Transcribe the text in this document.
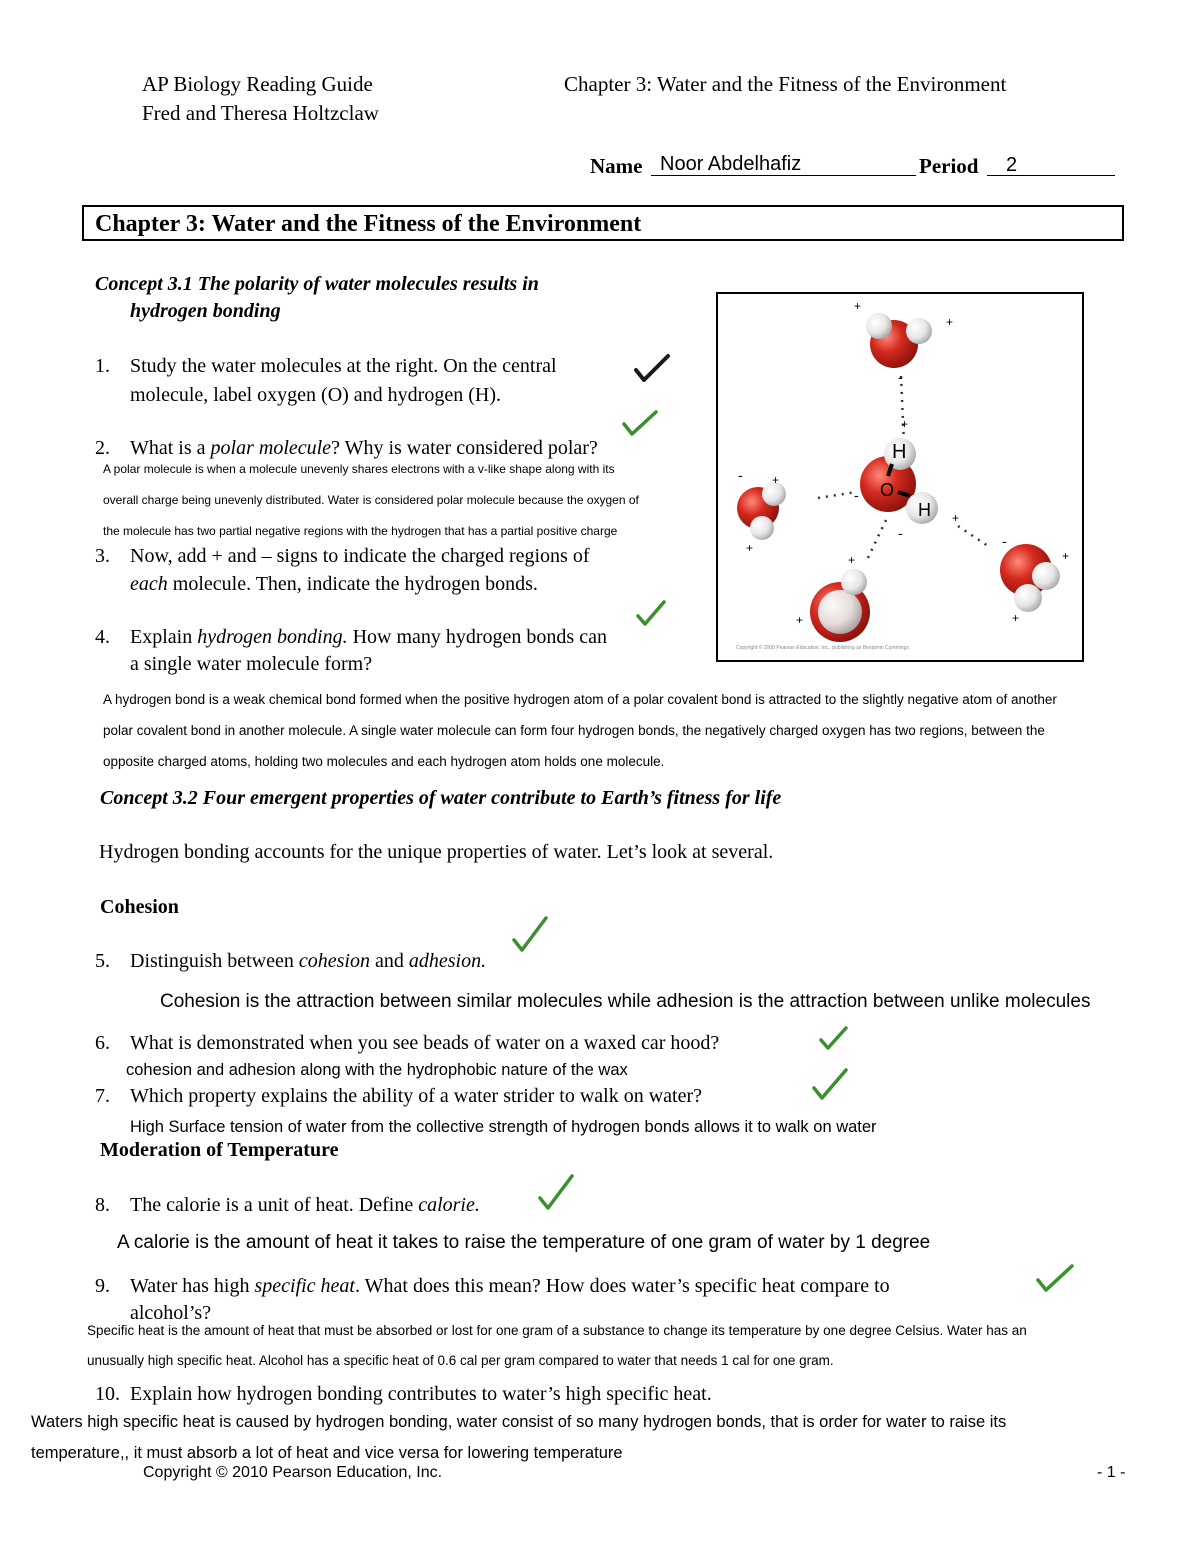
AP Biology Reading Guide
Fred and Theresa Holtzclaw
Chapter 3: Water and the Fitness of the Environment
Name Noor Abdelhafiz	Period 2
Chapter 3: Water and the Fitness of the Environment
Concept 3.1 The polarity of water molecules results in
hydrogen bonding
1. Study the water molecules at the right. On the central
molecule, label oxygen (O) and hydrogen (H).
2. What is a polar molecule? Why is water considered polar?
A polar molecule is when a molecule unevenly shares electrons with a v-like shape along with its
overall charge being unevenly distributed. Water is considered polar molecule because the oxygen of
the molecule has two partial negative regions with the hydrogen that has a partial positive charge
3. Now, add + and – signs to indicate the charged regions of
each molecule. Then, indicate the hydrogen bonds.
4. Explain hydrogen bonding. How many hydrogen bonds can
a single water molecule form?
H
O
H
+
+
+
+
+
+
+
+
+
+
-
-
-
-	-
Copyright © 2008 Pearson Education, Inc., publishing as Benjamin Cummings
A hydrogen bond is a weak chemical bond formed when the positive hydrogen atom of a polar covalent bond is attracted to the slightly negative atom of another
polar covalent bond in another molecule. A single water molecule can form four hydrogen bonds, the negatively charged oxygen has two regions, between the
opposite charged atoms, holding two molecules and each hydrogen atom holds one molecule.
Concept 3.2 Four emergent properties of water contribute to Earth’s fitness for life
Hydrogen bonding accounts for the unique properties of water. Let’s look at several.
Cohesion
5. Distinguish between cohesion and adhesion.
Cohesion is the attraction between similar molecules while adhesion is the attraction between unlike molecules
6. What is demonstrated when you see beads of water on a waxed car hood?
cohesion and adhesion along with the hydrophobic nature of the wax
7. Which property explains the ability of a water strider to walk on water?
High Surface tension of water from the collective strength of hydrogen bonds allows it to walk on water
Moderation of Temperature
8. The calorie is a unit of heat. Define calorie.
A calorie is the amount of heat it takes to raise the temperature of one gram of water by 1 degree
9. Water has high specific heat. What does this mean? How does water’s specific heat compare to
alcohol’s?
Specific heat is the amount of heat that must be absorbed or lost for one gram of a substance to change its temperature by one degree Celsius. Water has an
unusually high specific heat. Alcohol has a specific heat of 0.6 cal per gram compared to water that needs 1 cal for one gram.
10. Explain how hydrogen bonding contributes to water’s high specific heat.
Waters high specific heat is caused by hydrogen bonding, water consist of so many hydrogen bonds, that is order for water to raise its
temperature,, it must absorb a lot of heat and vice versa for lowering temperature
Copyright © 2010 Pearson Education, Inc.	- 1 -
